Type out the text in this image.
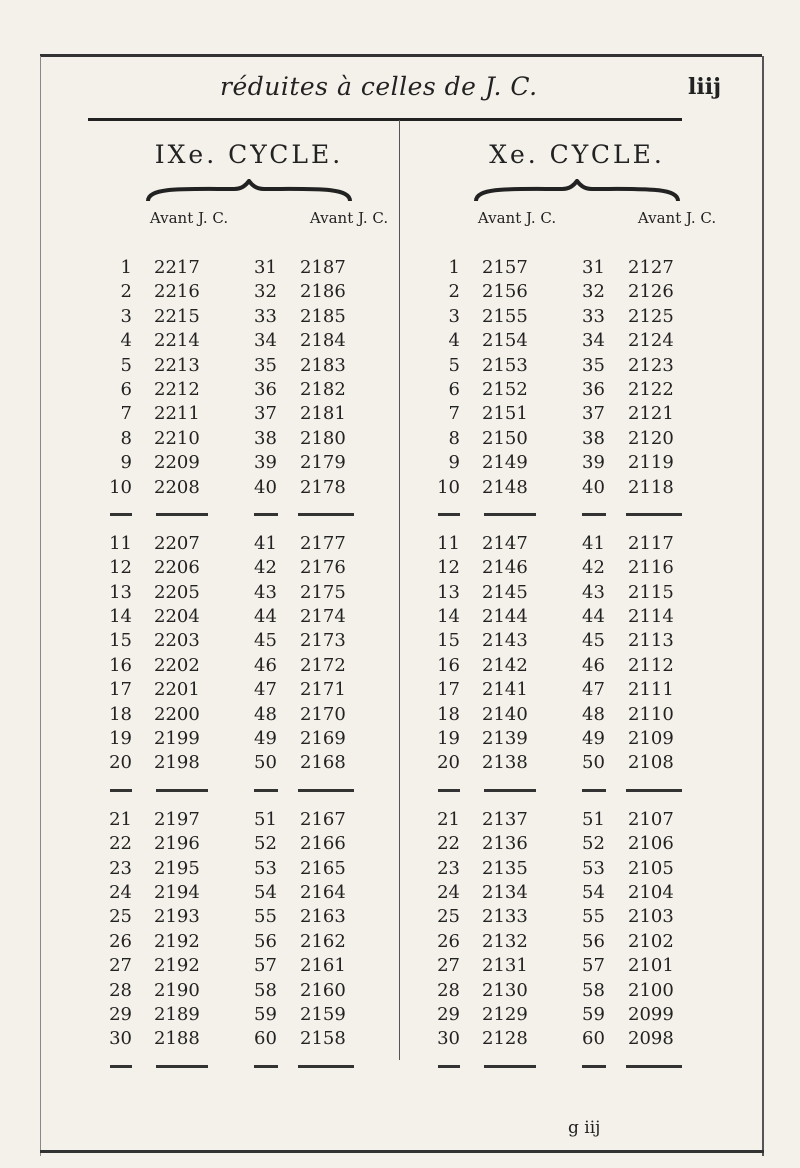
réduites à celles de J. C.	liij
IXe. CYCLE.
Avant J. C.	Avant J. C.
1 2217	31	2187
2 2216	32	2186
3 2215	33	2185
4 2214	34	2184
5 2213	35	2183
6 2212	36	2182
7 2211	37	2181
8 2210	38	2180
9 2209	39	2179
10 2208	40	2178
11 2207	41	2177
12 2206	42	2176
13 2205	43	2175
14 2204	44	2174
15 2203	45	2173
16 2202	46	2172
17 2201	47	2171
18 2200	48	2170
19 2199	49	2169
20 2198	50	2168
21 2197	51	2167
22 2196	52	2166
23 2195	53	2165
24 2194	54	2164
25 2193	55	2163
26 2192	56	2162
27 2192	57	2161
28 2190	58	2160
29 2189	59	2159
30 2188	60	2158
Xe. CYCLE.
Avant J. C.	Avant J. C.
1 2157	31	2127
2 2156	32	2126
3 2155	33	2125
4 2154	34	2124
5 2153	35	2123
6 2152	36	2122
7 2151	37	2121
8 2150	38	2120
9 2149	39	2119
10 2148	40	2118
11 2147	41	2117
12 2146	42	2116
13 2145	43	2115
14 2144	44	2114
15 2143	45	2113
16 2142	46	2112
17 2141	47	2111
18 2140	48	2110
19 2139	49	2109
20 2138	50	2108
21 2137	51	2107
22 2136	52	2106
23 2135	53	2105
24 2134	54	2104
25 2133	55	2103
26 2132	56	2102
27 2131	57	2101
28 2130	58	2100
29 2129	59	2099
30 2128	60	2098
g iij
